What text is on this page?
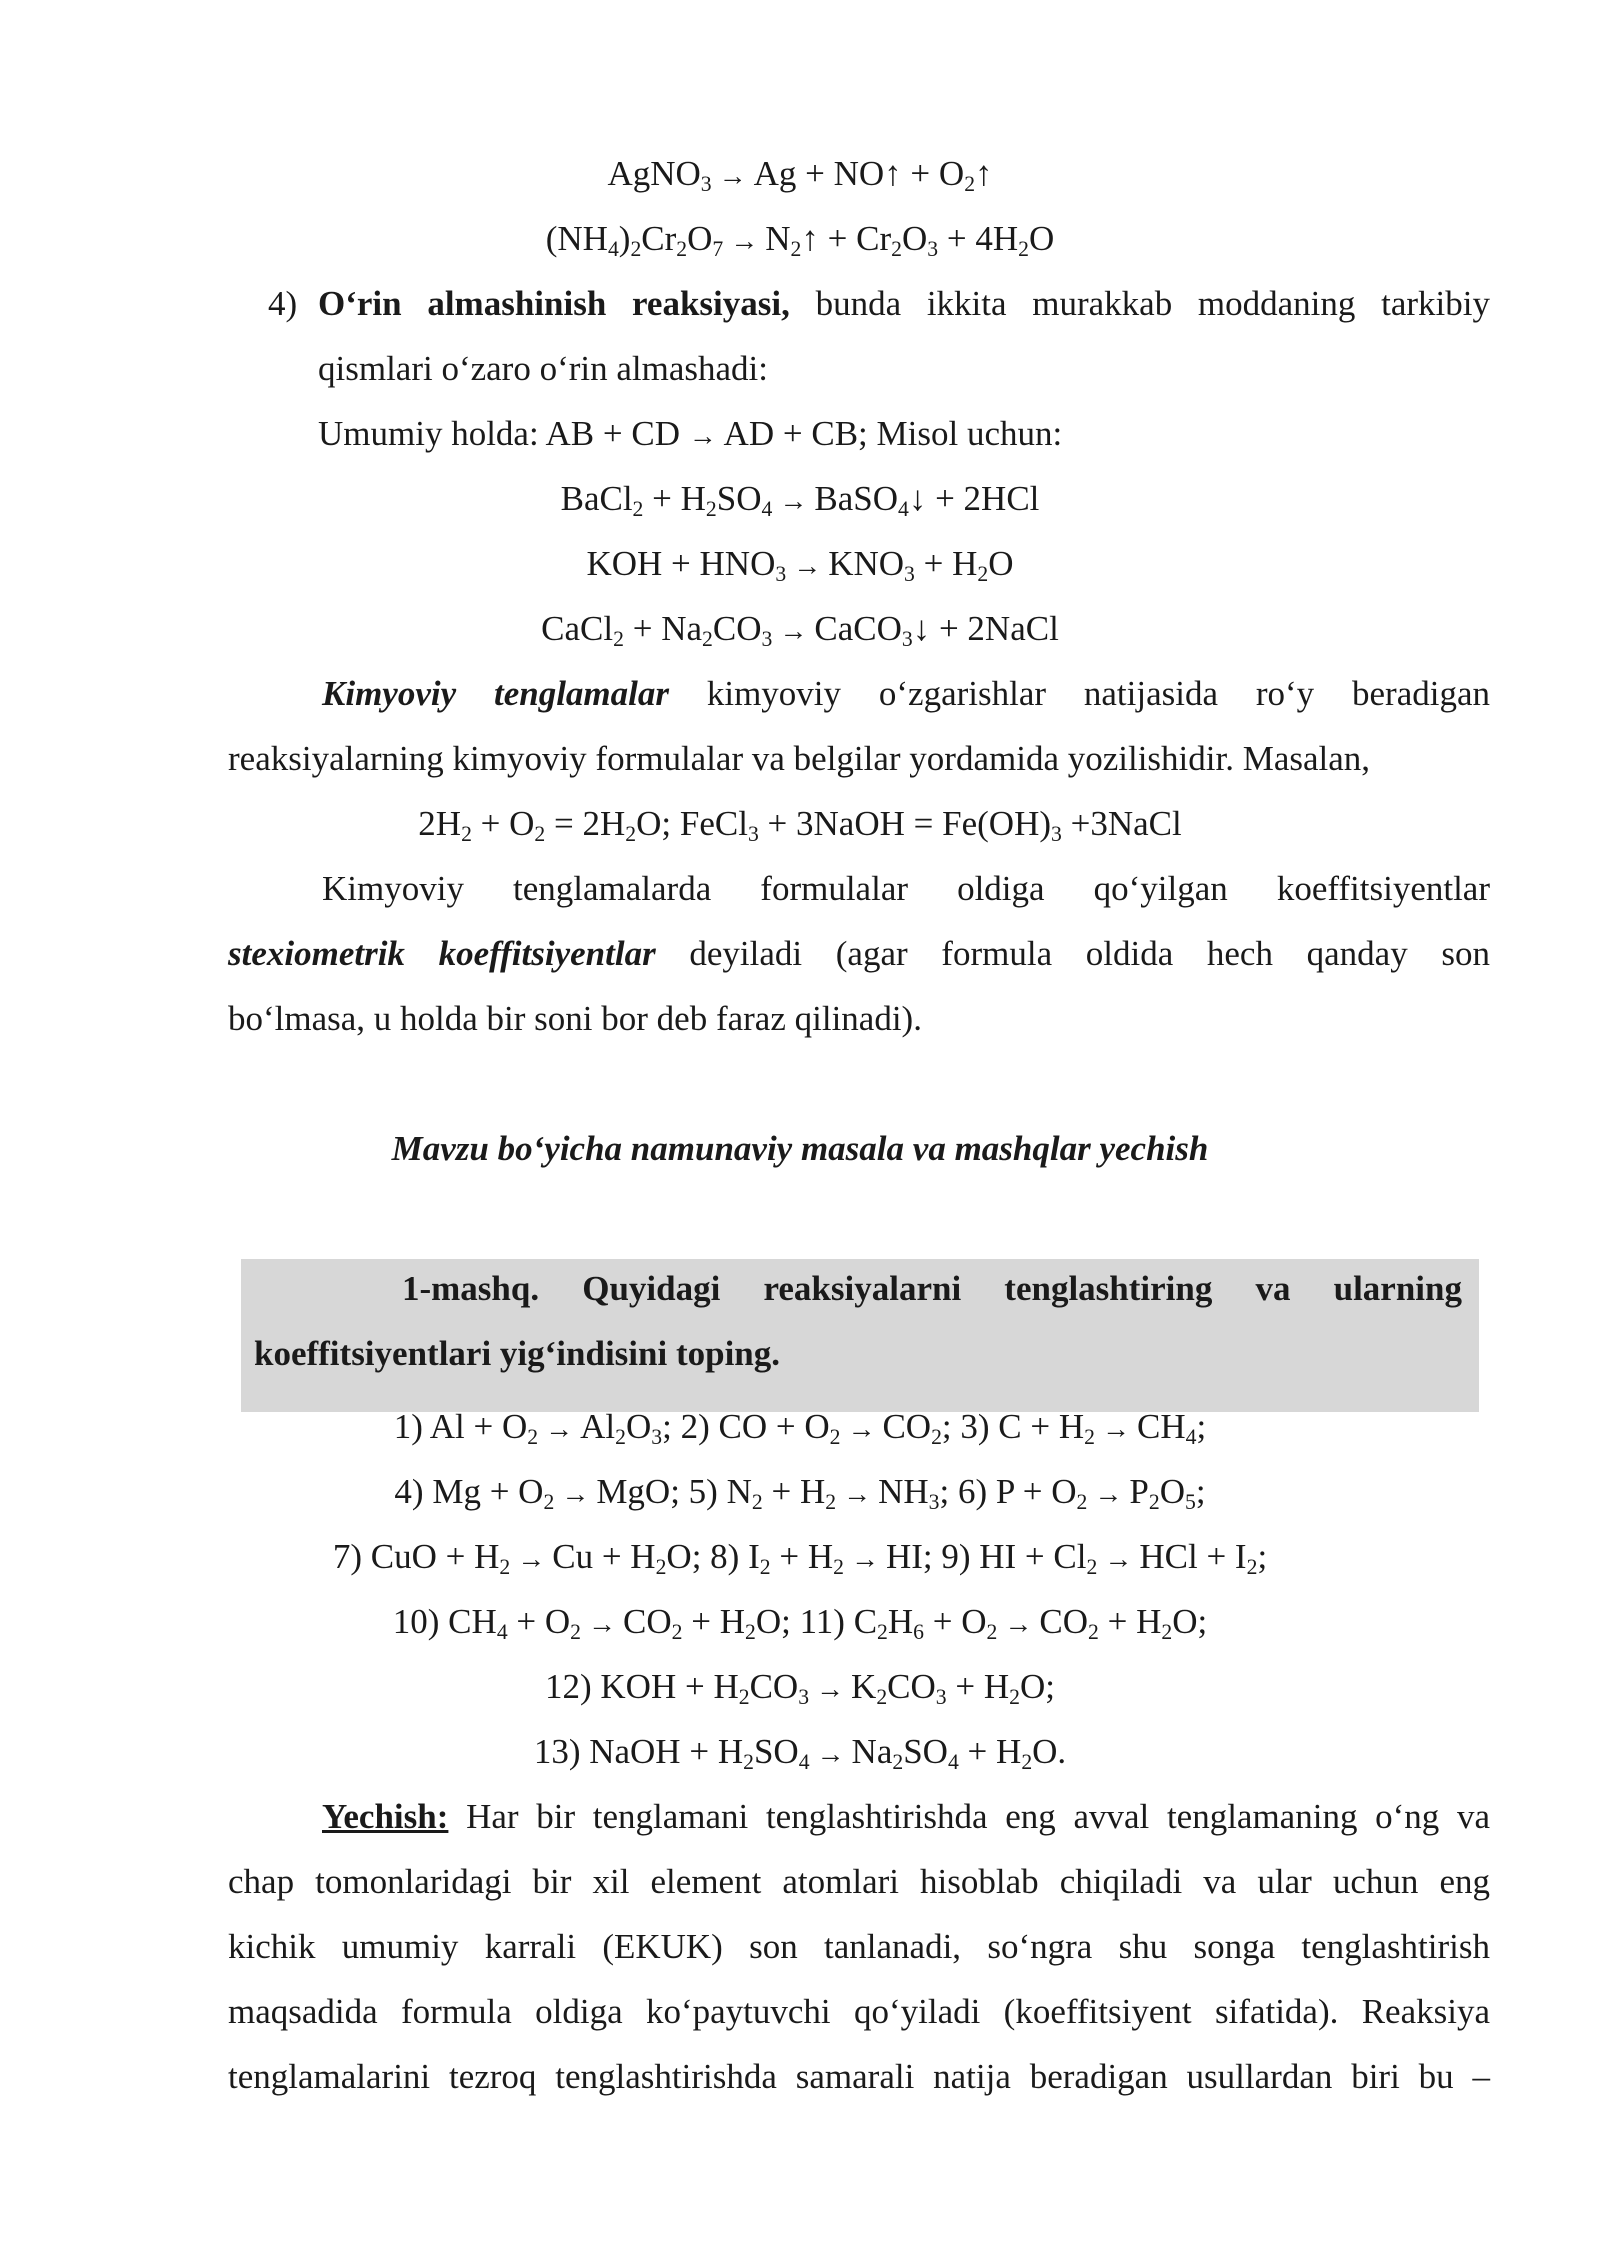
AgNO$_3$ → Ag + NO↑ + $O_2↑$
$(NH_4)_2Cr_2O_7$ → $N_2↑ + Cr_2O_3 + 4H_2O$
4) O‘rin almashinish reaksiyasi, bunda ikkita murakkab moddaning tarkibiy
qismlari o‘zaro o‘rin almashadi:
Umumiy holda: AB + CD → AD + CB; Misol uchun:
BaCl$_2$ + $H_2SO_4$ → BaSO$_4$↓ + 2HCl
KOH + $HNO_3 \to KNO_3 + H_2O$
CaCl$_2$ + $Na_2CO_3$ → CaCO$_3$↓ + 2NaCl
Kimyoviy tenglamalar kimyoviy o‘zgarishlar natijasida ro‘y beradigan
reaksiyalarning kimyoviy formulalar va belgilar yordamida yozilishidir. Masalan,
$2H_2 + O_2 = 2H_2O$; FeCl$_3$ + 3NaOH = $Fe(OH)_3$ +3NaCl
Kimyoviy tenglamalarda formulalar oldiga qo‘yilgan koeffitsiyentlar
stexiometrik koeffitsiyentlar deyiladi (agar formula oldida hech qanday son
bo‘lmasa, u holda bir soni bor deb faraz qilinadi).
Mavzu bo‘yicha namunaviy masala va mashqlar yechish
1-mashq. Quyidagi reaksiyalarni tenglashtiring va ularning
koeffitsiyentlari yig‘indisini toping.
1) $Al + O_2 \to Al_2O_3$; 2) CO + $O_2 \to CO_2$; 3) $C + H_2 \to CH_4$;
4) $Mg + O_2$ → MgO; 5) $N_2 + H_2 \to NH_3$; 6) $P + O_2 \to P_2O_5$;
7) CuO + $H_2 \to Cu + H_2O$; 8) $I_2 + H_2$ → HI; 9) HI + $Cl_2$ → HCl + $I_2$;
10) $CH_4 + O_2 \to CO_2 + H_2O$; 11) $C_2H_6 + O_2 \to CO_2 + H_2O$;
12) KOH + $H_2CO_3 \to K_2CO_3 + H_2O$;
13) NaOH + $H_2SO_4 \to Na_2SO_4 + H_2O$.
Yechish: Har bir tenglamani tenglashtirishda eng avval tenglamaning o‘ng va
chap tomonlaridagi bir xil element atomlari hisoblab chiqiladi va ular uchun eng
kichik umumiy karrali (EKUK) son tanlanadi, so‘ngra shu songa tenglashtirish
maqsadida formula oldiga ko‘paytuvchi qo‘yiladi (koeffitsiyent sifatida). Reaksiya
tenglamalarini tezroq tenglashtirishda samarali natija beradigan usullardan biri bu –
